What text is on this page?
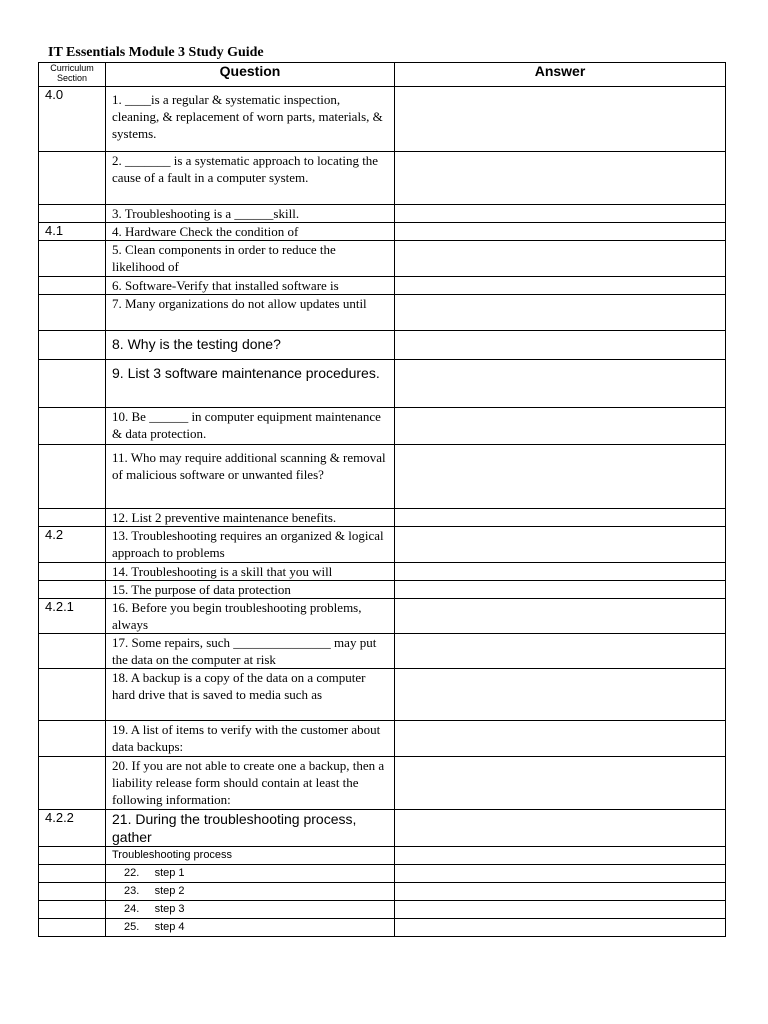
IT Essentials Module 3 Study Guide
Curriculum Section	Question	Answer
4.0	1. ____is a regular & systematic inspection, cleaning, & replacement of worn parts, materials, & systems.	
	2. _______ is a systematic approach to locating the cause of a fault in a computer system.	
	3. Troubleshooting is a ______skill.	
4.1	4. Hardware Check the condition of	
	5. Clean components in order to reduce the likelihood of	
	6. Software-Verify that installed software is	
	7. Many organizations do not allow updates until	
	8. Why is the testing done?	
	9. List 3 software maintenance procedures.	
	10. Be ______ in computer equipment maintenance & data protection.	
	11. Who may require additional scanning & removal of malicious software or unwanted files?	
	12. List 2 preventive maintenance benefits.	
4.2	13. Troubleshooting requires an organized & logical approach to problems	
	14. Troubleshooting is a skill that you will	
	15. The purpose of data protection	
4.2.1	16. Before you begin troubleshooting problems, always	
	17. Some repairs, such _______________ may put the data on the computer at risk	
	18. A backup is a copy of the data on a computer hard drive that is saved to media such as	
	19. A list of items to verify with the customer about data backups:	
	20. If you are not able to create one a backup, then a liability release form should contain at least the following information:	
4.2.2	21. During the troubleshooting process, gather	
	Troubleshooting process	
	22.     step 1	
	23.     step 2	
	24.     step 3	
	25.     step 4	
